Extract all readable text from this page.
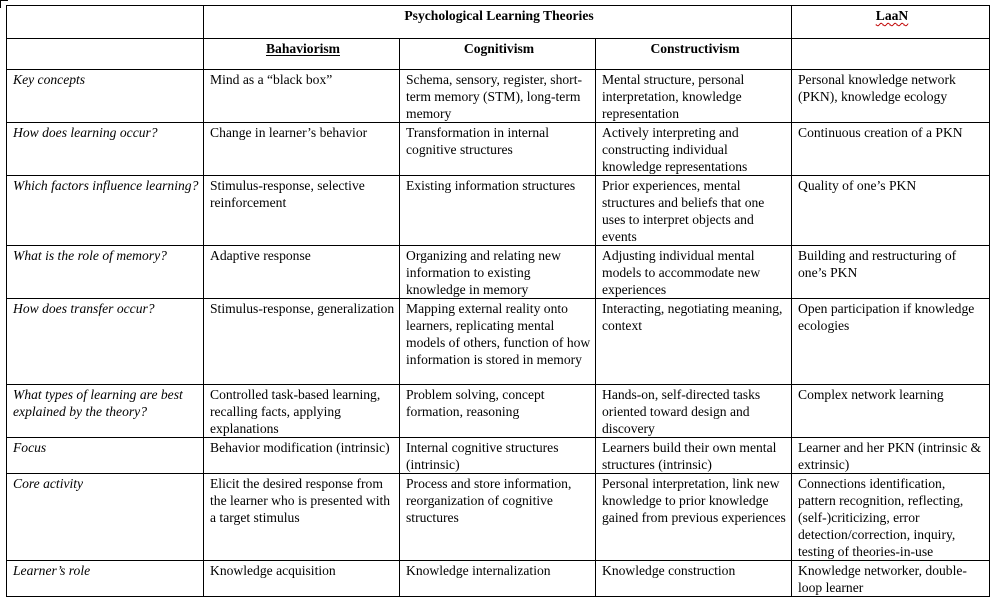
	Psychological Learning Theories			LaaN
	Bahaviorism	Cognitivism	Constructivism	
Key concepts	Mind as a “black box”	Schema, sensory, register, short-term memory (STM), long-term memory	Mental structure, personal interpretation, knowledge representation	Personal knowledge network (PKN), knowledge ecology
How does learning occur?	Change in learner’s behavior	Transformation in internal cognitive structures	Actively interpreting and constructing individual knowledge representations	Continuous creation of a PKN
Which factors influence learning?	Stimulus-response, selective reinforcement	Existing information structures	Prior experiences, mental structures and beliefs that one uses to interpret objects and events	Quality of one’s PKN
What is the role of memory?	Adaptive response	Organizing and relating new information to existing knowledge in memory	Adjusting individual mental models to accommodate new experiences	Building and restructuring of one’s PKN
How does transfer occur?	Stimulus-response, generalization	Mapping external reality onto learners, replicating mental models of others, function of how information is stored in memory	Interacting, negotiating meaning, context	Open participation if knowledge ecologies
What types of learning are best explained by the theory?	Controlled task-based learning, recalling facts, applying explanations	Problem solving, concept formation, reasoning	Hands-on, self-directed tasks oriented toward design and discovery	Complex network learning
Focus	Behavior modification (intrinsic)	Internal cognitive structures (intrinsic)	Learners build their own mental structures (intrinsic)	Learner and her PKN (intrinsic & extrinsic)
Core activity	Elicit the desired response from the learner who is presented with a target stimulus	Process and store information, reorganization of cognitive structures	Personal interpretation, link new knowledge to prior knowledge gained from previous experiences	Connections identification, pattern recognition, reflecting, (self-)criticizing, error detection/correction, inquiry, testing of theories-in-use
Learner’s role	Knowledge acquisition	Knowledge internalization	Knowledge construction	Knowledge networker, double-loop learner
